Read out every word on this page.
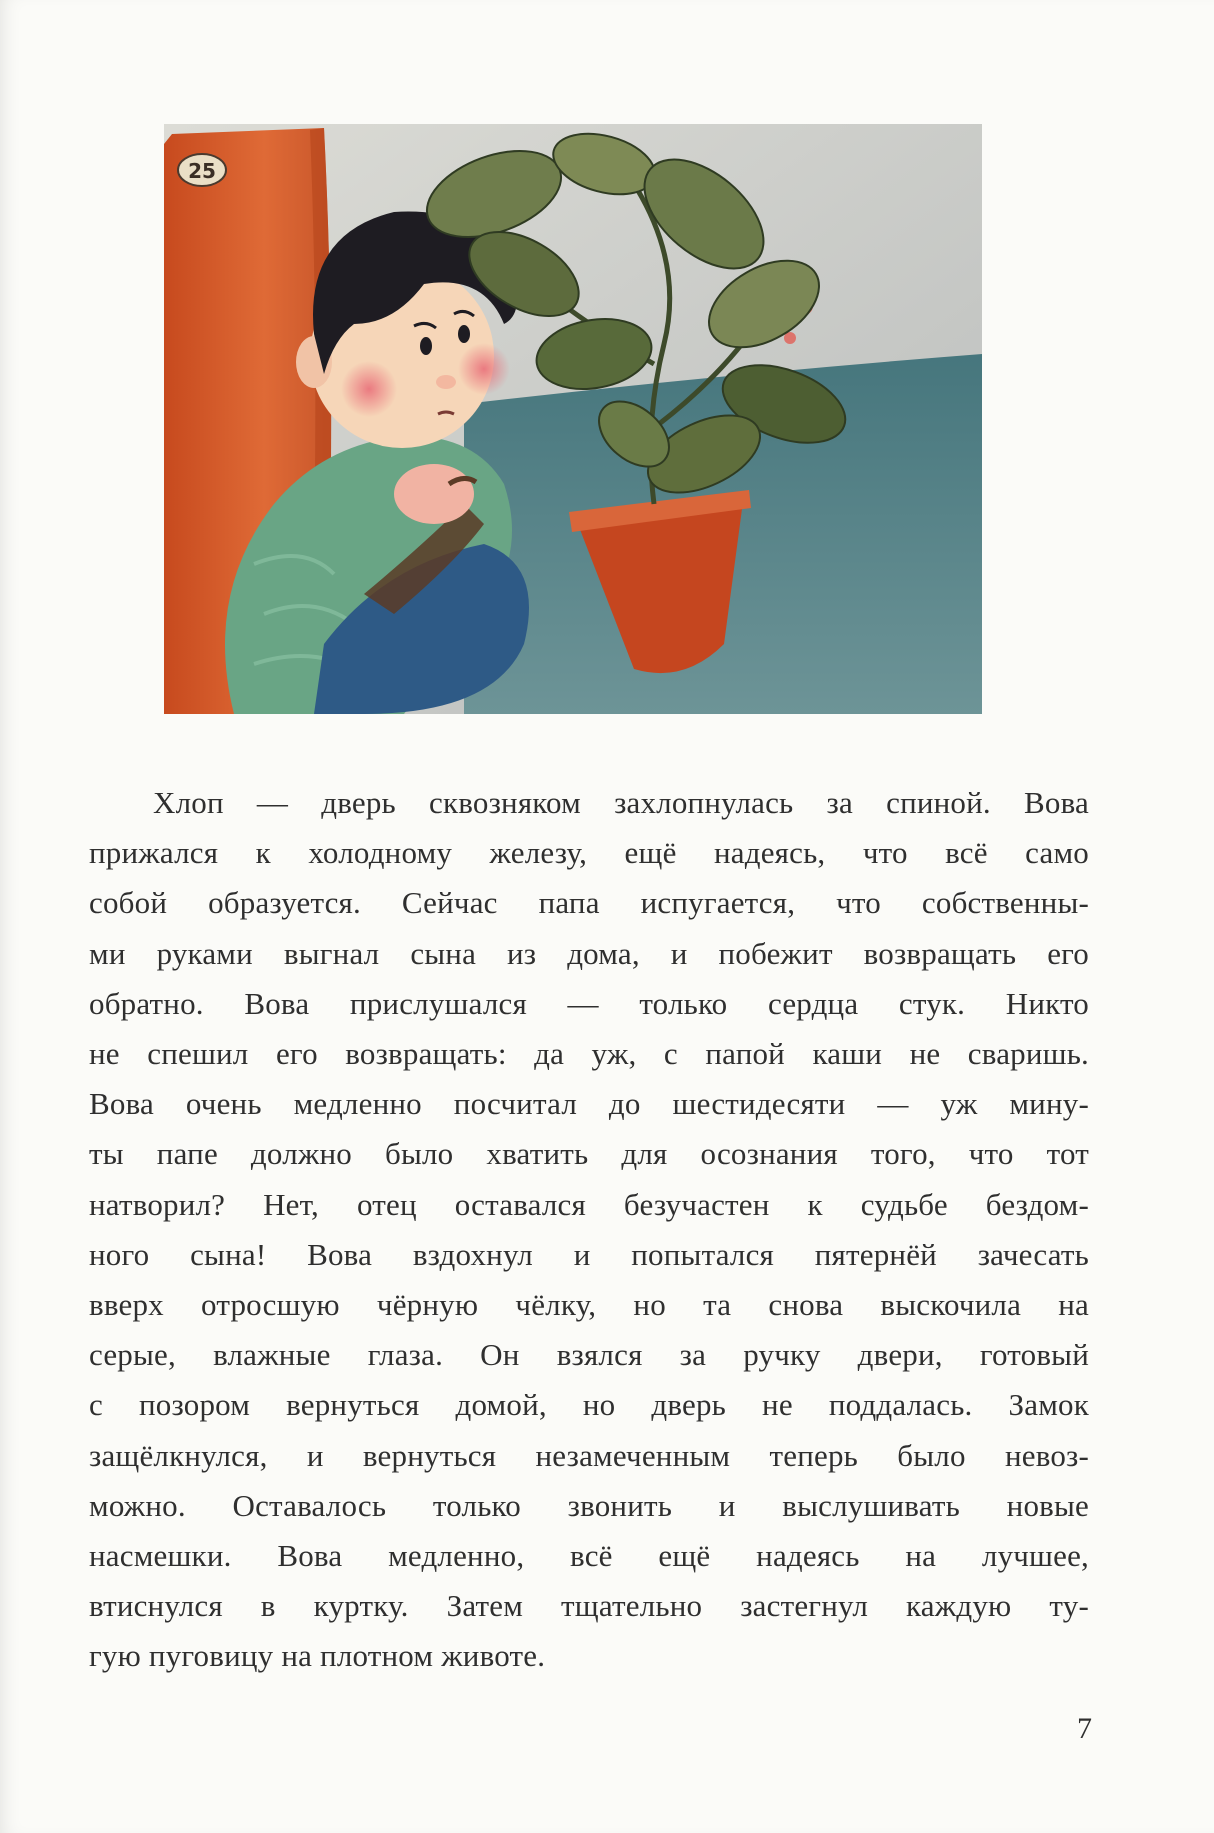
25
Хлоп — дверь сквозняком захлопнулась за спиной. Вова
прижался к холодному железу, ещё надеясь, что всё само
собой образуется. Сейчас папа испугается, что собственны-
ми руками выгнал сына из дома, и побежит возвращать его
обратно. Вова прислушался — только сердца стук. Никто
не спешил его возвращать: да уж, с папой каши не сваришь.
Вова очень медленно посчитал до шестидесяти — уж мину-
ты папе должно было хватить для осознания того, что тот
натворил? Нет, отец оставался безучастен к судьбе бездом-
ного сына! Вова вздохнул и попытался пятернёй зачесать
вверх отросшую чёрную чёлку, но та снова выскочила на
серые, влажные глаза. Он взялся за ручку двери, готовый
с позором вернуться домой, но дверь не поддалась. Замок
защёлкнулся, и вернуться незамеченным теперь было невоз-
можно. Оставалось только звонить и выслушивать новые
насмешки. Вова медленно, всё ещё надеясь на лучшее,
втиснулся в куртку. Затем тщательно застегнул каждую ту-
гую пуговицу на плотном животе.
7
